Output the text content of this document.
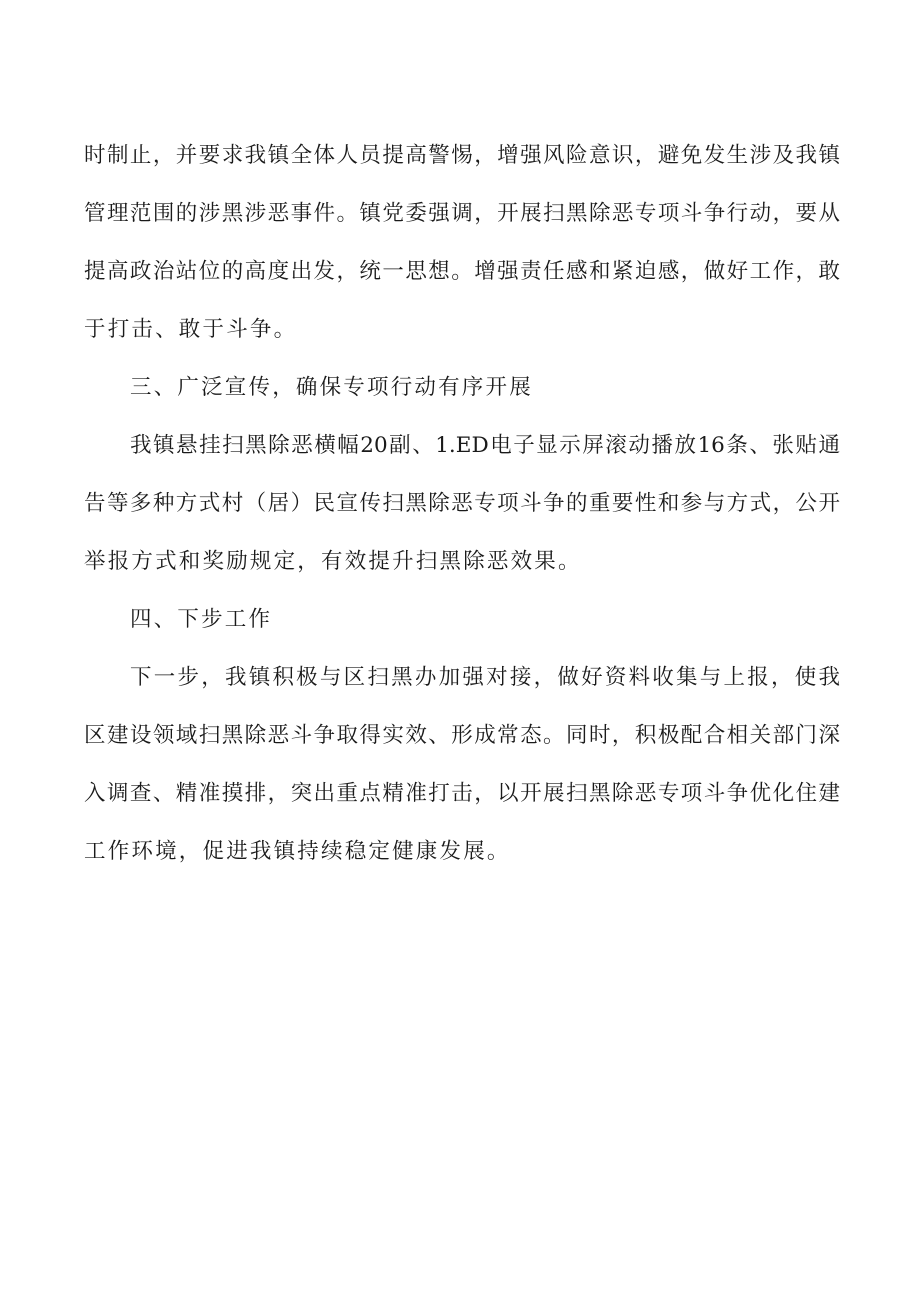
时制止，并要求我镇全体人员提高警惕，增强风险意识，避免发生涉及我镇
管理范围的涉黑涉恶事件。镇党委强调，开展扫黑除恶专项斗争行动，要从
提高政治站位的高度出发，统一思想。增强责任感和紧迫感，做好工作，敢
于打击、敢于斗争。
三、广泛宣传，确保专项行动有序开展
我镇悬挂扫黑除恶横幅20副、1.ED电子显示屏滚动播放16条、张贴通
告等多种方式村（居）民宣传扫黑除恶专项斗争的重要性和参与方式，公开
举报方式和奖励规定，有效提升扫黑除恶效果。
四、下步工作
下一步，我镇积极与区扫黑办加强对接，做好资料收集与上报，使我
区建设领域扫黑除恶斗争取得实效、形成常态。同时，积极配合相关部门深
入调查、精准摸排，突出重点精准打击，以开展扫黑除恶专项斗争优化住建
工作环境，促进我镇持续稳定健康发展。
